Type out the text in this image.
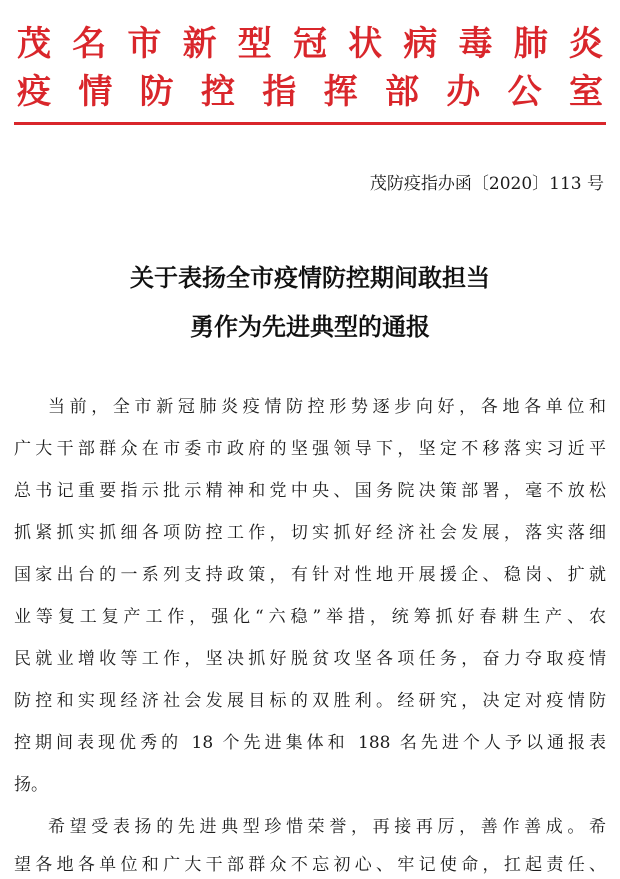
茂 名 市 新 型 冠 状 病 毒 肺 炎
疫 情 防 控 指 挥 部 办 公 室
茂防疫指办函〔2020〕113 号
关于表扬全市疫情防控期间敢担当
勇作为先进典型的通报
当前，全市新冠肺炎疫情防控形势逐步向好，各地各单位和
广大干部群众在市委市政府的坚强领导下，坚定不移落实习近平
总书记重要指示批示精神和党中央、国务院决策部署，毫不放松
抓紧抓实抓细各项防控工作，切实抓好经济社会发展，落实落细
国家出台的一系列支持政策，有针对性地开展援企、稳岗、扩就
业等复工复产工作，强化“六稳”举措，统筹抓好春耕生产、农
民就业增收等工作，坚决抓好脱贫攻坚各项任务，奋力夺取疫情
防控和实现经济社会发展目标的双胜利。经研究，决定对疫情防
控期间表现优秀的 18 个先进集体和 188 名先进个人予以通报表
扬。
希望受表扬的先进典型珍惜荣誉，再接再厉，善作善成。希
望各地各单位和广大干部群众不忘初心、牢记使命，扛起责任、
